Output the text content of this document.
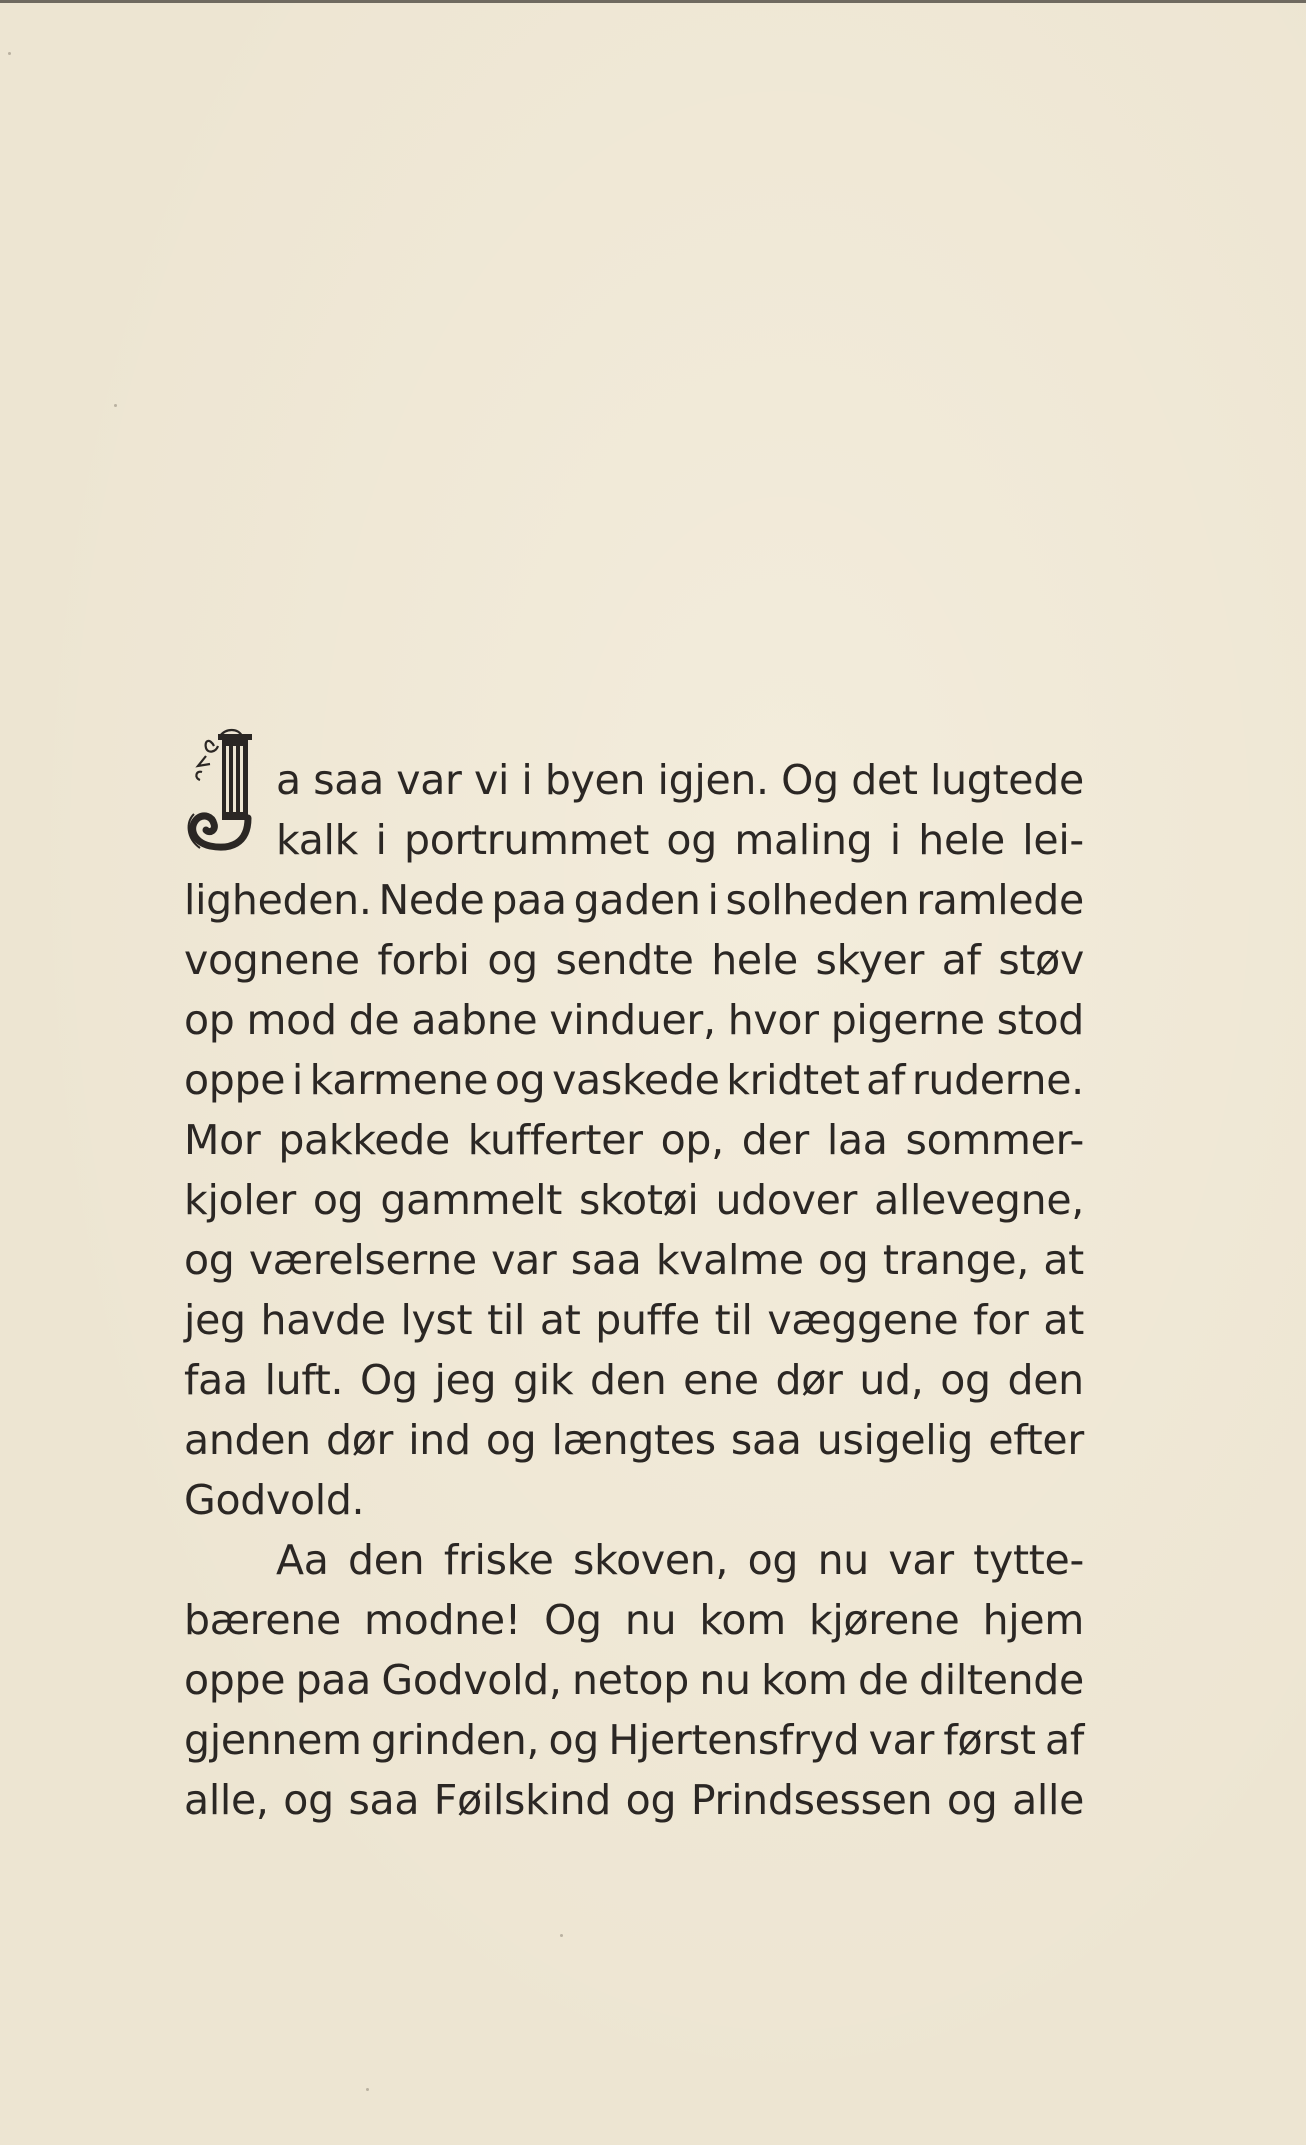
a saa var vi i byen igjen. Og det lugtede
kalk i portrummet og maling i hele lei-
ligheden. Nede paa gaden i solheden ramlede
vognene forbi og sendte hele skyer af støv
op mod de aabne vinduer, hvor pigerne stod
oppe i karmene og vaskede kridtet af ruderne.
Mor pakkede kufferter op, der laa sommer-
kjoler og gammelt skotøi udover allevegne,
og værelserne var saa kvalme og trange, at
jeg havde lyst til at puffe til væggene for at
faa luft. Og jeg gik den ene dør ud, og den
anden dør ind og længtes saa usigelig efter
Godvold.
Aa den friske skoven, og nu var tytte-
bærene modne! Og nu kom kjørene hjem
oppe paa Godvold, netop nu kom de diltende
gjennem grinden, og Hjertensfryd var først af
alle, og saa Føilskind og Prindsessen og alle
